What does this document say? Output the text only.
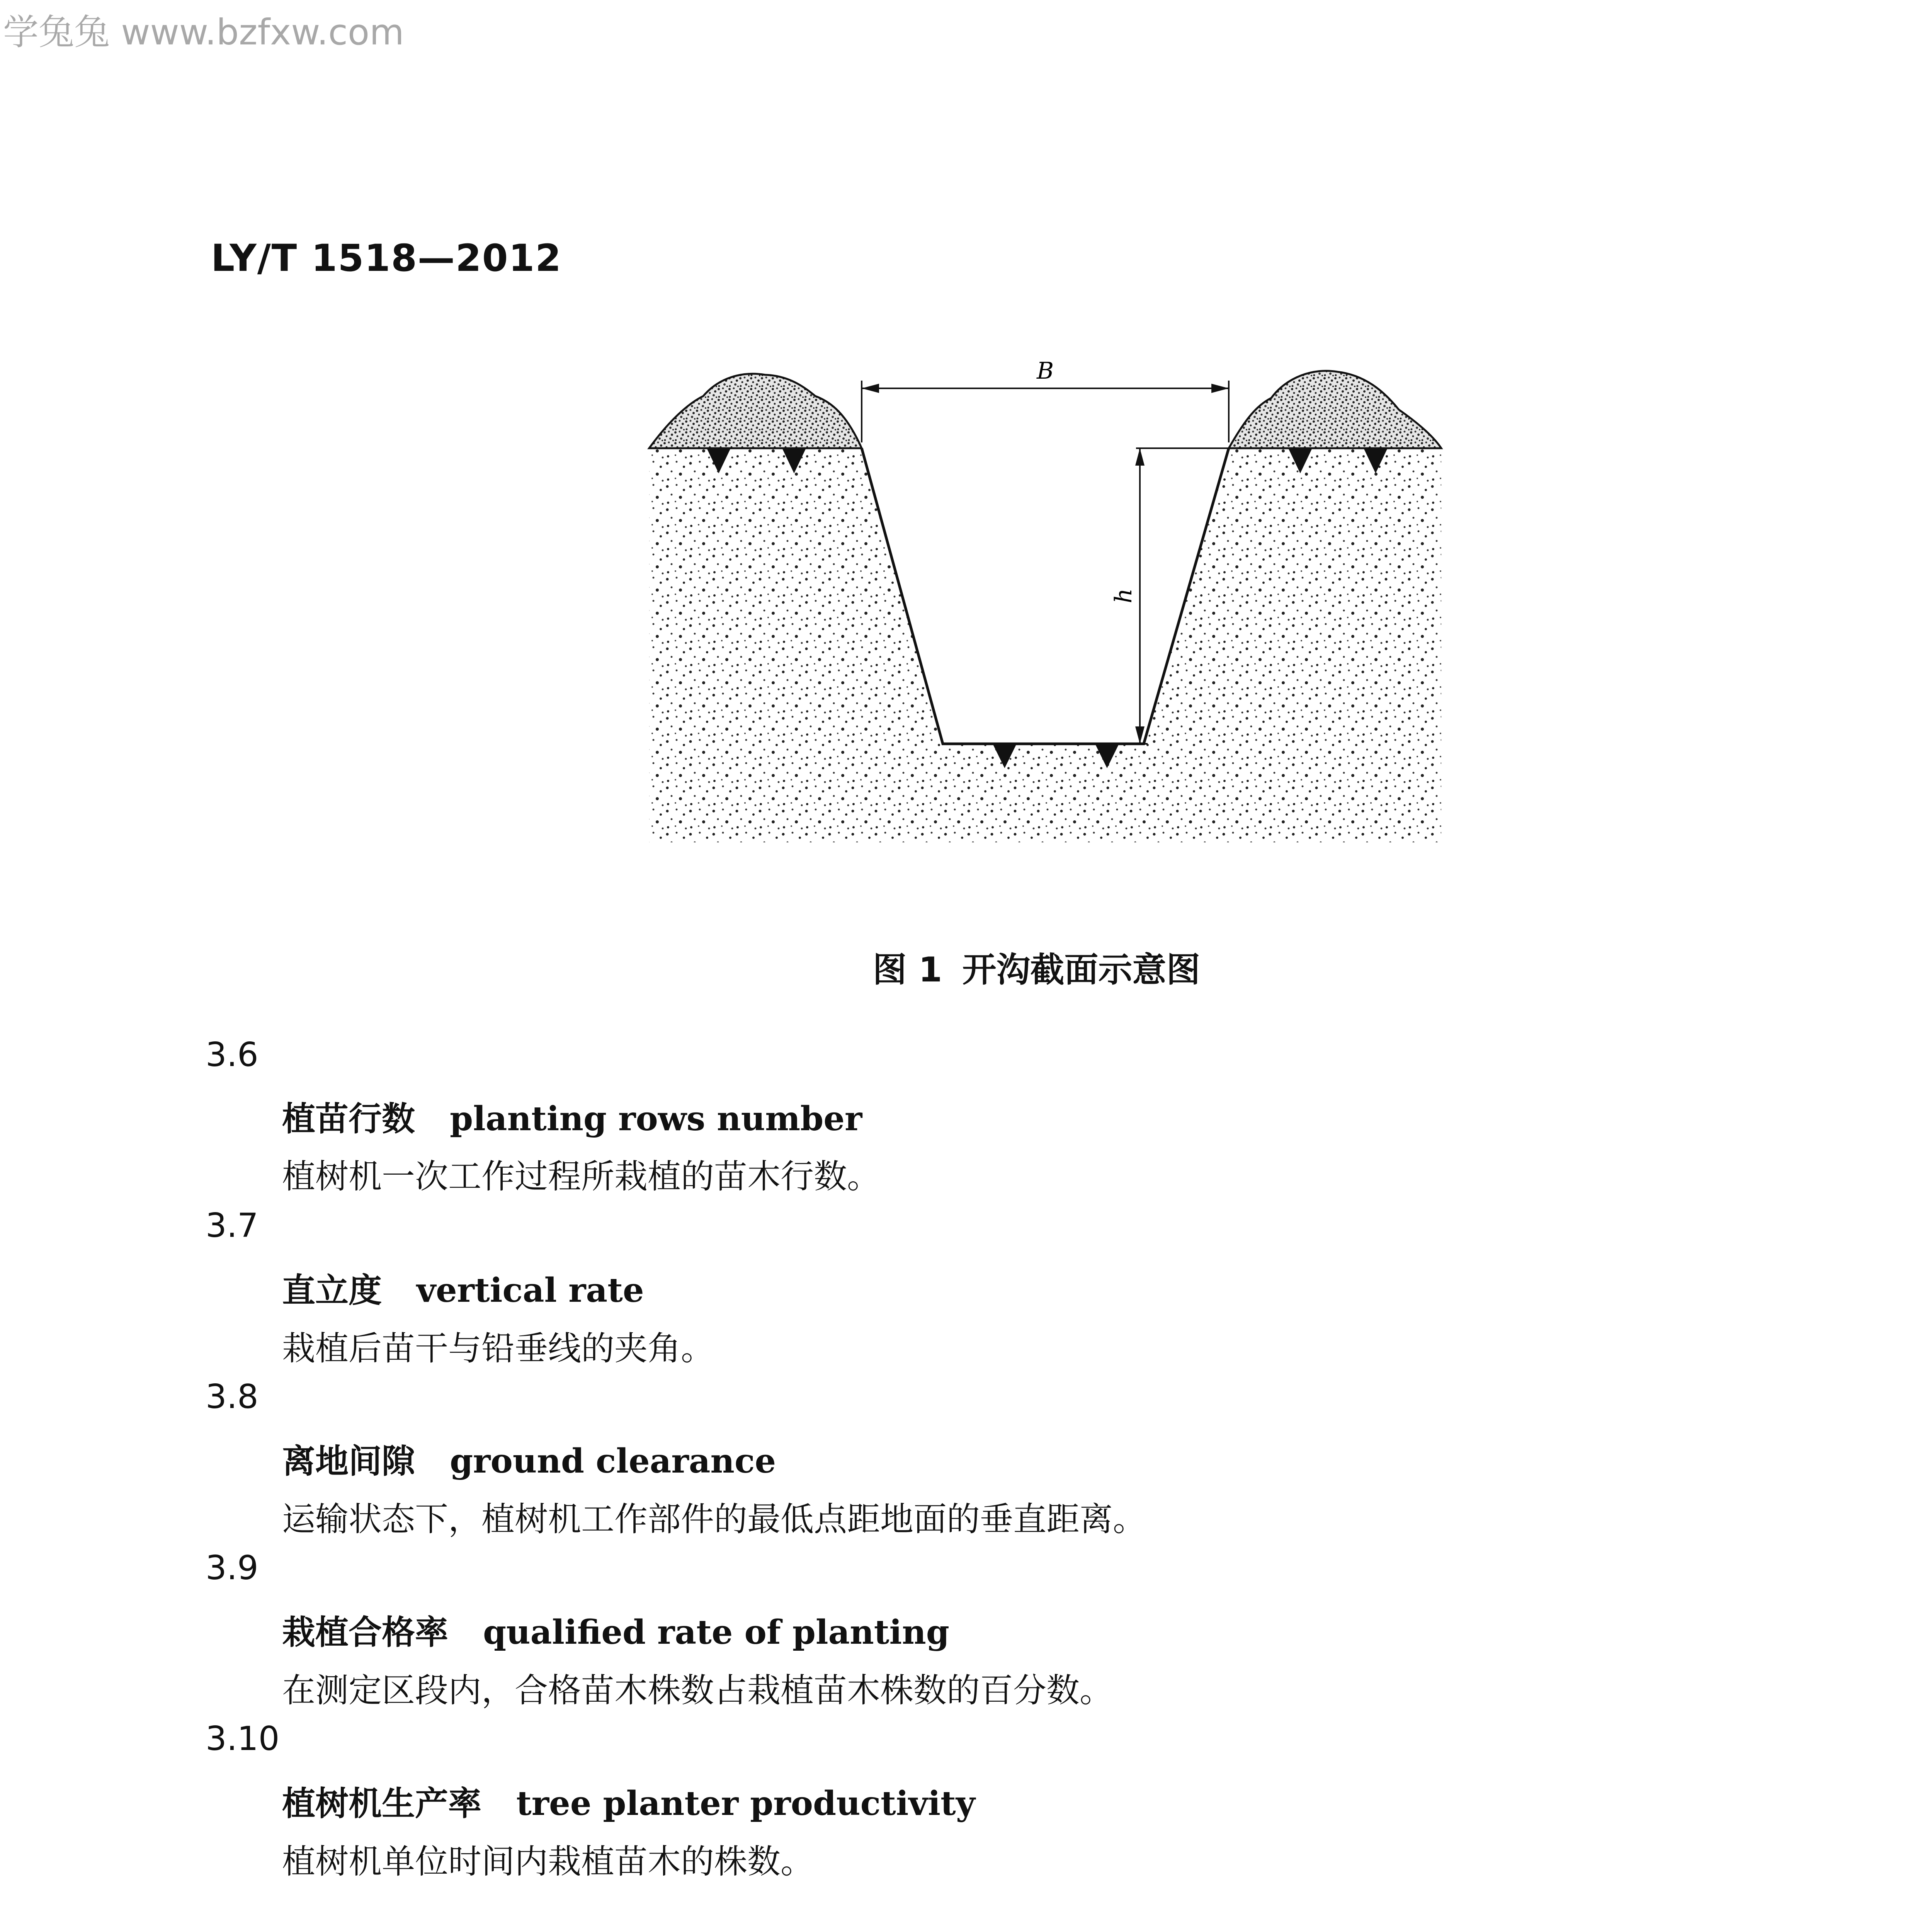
学兔兔 www.bzfxw.com
LY/T 1518—2012
B
h
图 1 开沟截面示意图
3.6
植苗行数 planting rows number
植树机一次工作过程所栽植的苗木行数。
3.7
直立度 vertical rate
栽植后苗干与铅垂线的夹角。
3.8
离地间隙 ground clearance
运输状态下，植树机工作部件的最低点距地面的垂直距离。
3.9
栽植合格率 qualified rate of planting
在测定区段内，合格苗木株数占栽植苗木株数的百分数。
3.10
植树机生产率 tree planter productivity
植树机单位时间内栽植苗木的株数。
